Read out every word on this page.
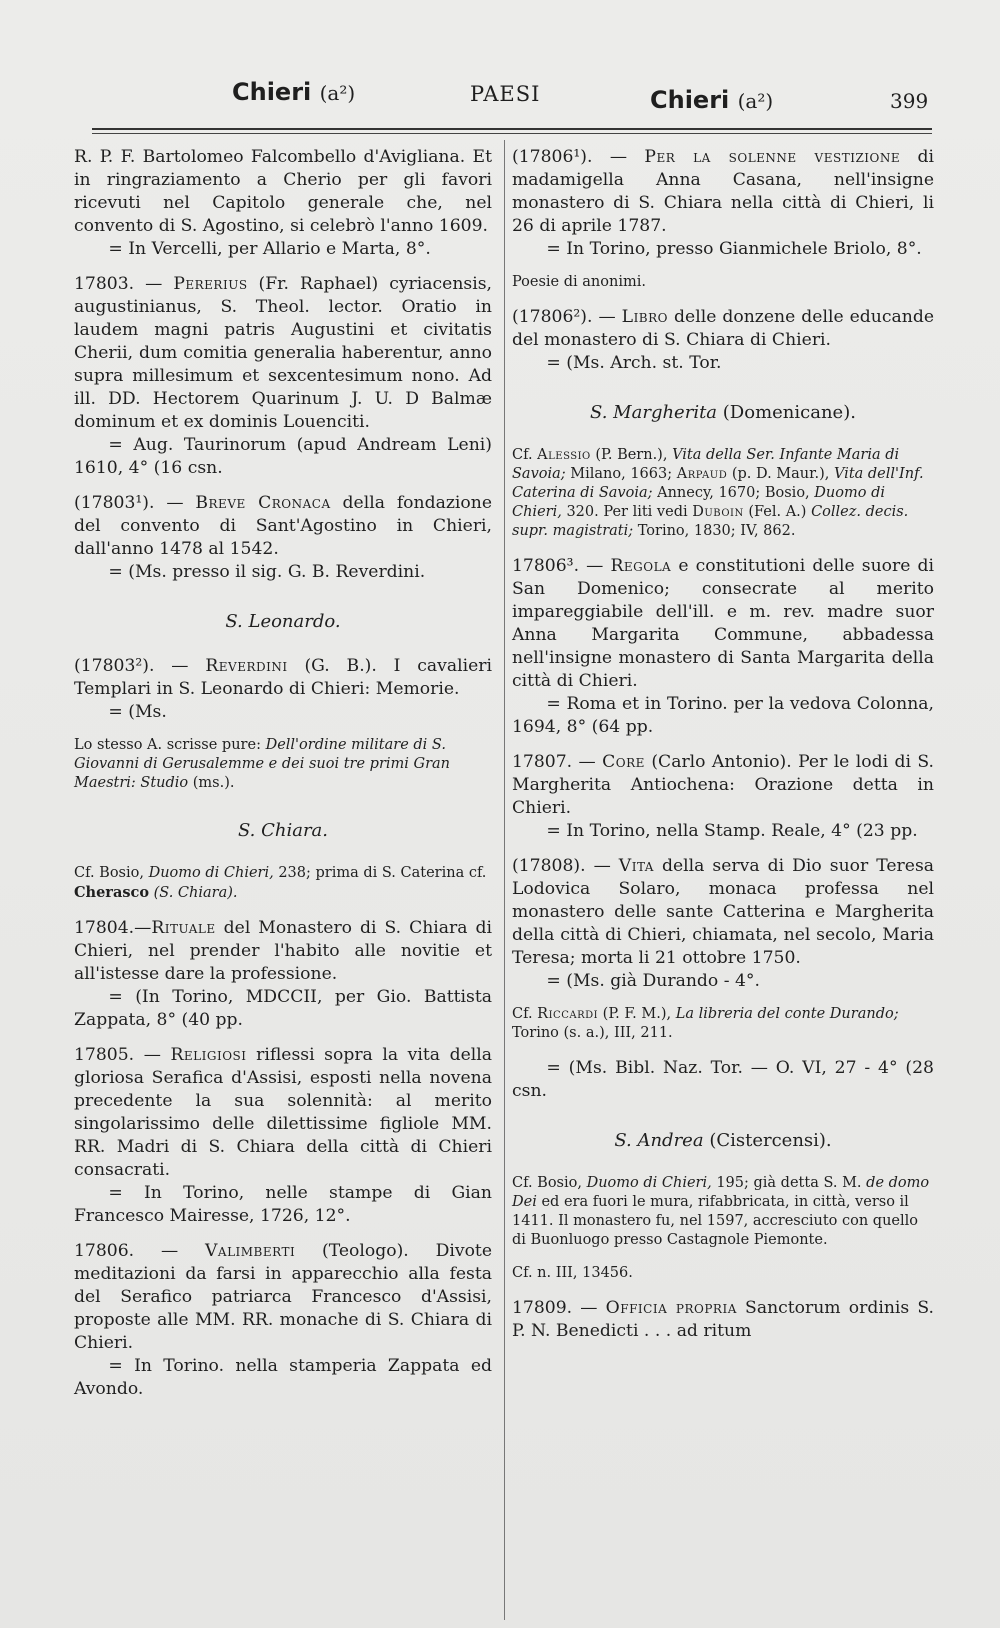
Chieri (a²)	PAESI	Chieri (a²)	399

R. P. F. Bartolomeo Falcombello d'Avigliana. Et in ringraziamento a Cherio per gli favori ricevuti nel Capitolo generale che, nel convento di S. Agostino, si celebrò l'anno 1609.

= In Vercelli, per Allario e Marta, 8°.

17803. — Pererius (Fr. Raphael) cyriacensis, augustinianus, S. Theol. lector. Oratio in laudem magni patris Augustini et civitatis Cherii, dum comitia generalia haberentur, anno supra millesimum et sexcentesimum nono. Ad ill. DD. Hectorem Quarinum J. U. D Balmæ dominum et ex dominis Louenciti.

= Aug. Taurinorum (apud Andream Leni) 1610, 4° (16 csn.

(17803¹). — Breve Cronaca della fondazione del convento di Sant'Agostino in Chieri, dall'anno 1478 al 1542.

= (Ms. presso il sig. G. B. Reverdini.

S. Leonardo.

(17803²). — Reverdini (G. B.). I cavalieri Templari in S. Leonardo di Chieri: Memorie.

= (Ms.

Lo stesso A. scrisse pure: Dell'ordine militare di S. Giovanni di Gerusalemme e dei suoi tre primi Gran Maestri: Studio (ms.).
S. Chiara.
Cf. Bosio, Duomo di Chieri, 238; prima di S. Caterina cf. Cherasco (S. Chiara).

17804.—Rituale del Monastero di S. Chiara di Chieri, nel prender l'habito alle novitie et all'istesse dare la professione.

= (In Torino, MDCCII, per Gio. Battista Zappata, 8° (40 pp.

17805. — Religiosi riflessi sopra la vita della gloriosa Serafica d'Assisi, esposti nella novena precedente la sua solennità: al merito singolarissimo delle dilettissime figliole MM. RR. Madri di S. Chiara della città di Chieri consacrati.

= In Torino, nelle stampe di Gian Francesco Mairesse, 1726, 12°.

17806. — Valimberti (Teologo). Divote meditazioni da farsi in apparecchio alla festa del Serafico patriarca Francesco d'Assisi, proposte alle MM. RR. monache di S. Chiara di Chieri.

= In Torino. nella stamperia Zappata ed Avondo.

(17806¹). — Per la solenne vestizione di madamigella Anna Casana, nell'insigne monastero di S. Chiara nella città di Chieri, li 26 di aprile 1787.

= In Torino, presso Gianmichele Briolo, 8°.

Poesie di anonimi.

(17806²). — Libro delle donzene delle educande del monastero di S. Chiara di Chieri.

= (Ms. Arch. st. Tor.

S. Margherita (Domenicane).
Cf. Alessio (P. Bern.), Vita della Ser. Infante Maria di Savoia; Milano, 1663; Arpaud (p. D. Maur.), Vita dell'Inf. Caterina di Savoia; Annecy, 1670; Bosio, Duomo di Chieri, 320. Per liti vedi Duboin (Fel. A.) Collez. decis. supr. magistrati; Torino, 1830; IV, 862.

17806³. — Regola e constitutioni delle suore di San Domenico; consecrate al merito impareggiabile dell'ill. e m. rev. madre suor Anna Margarita Commune, abbadessa nell'insigne monastero di Santa Margarita della città di Chieri.

= Roma et in Torino. per la vedova Colonna, 1694, 8° (64 pp.

17807. — Core (Carlo Antonio). Per le lodi di S. Margherita Antiochena: Orazione detta in Chieri.

= In Torino, nella Stamp. Reale, 4° (23 pp.

(17808). — Vita della serva di Dio suor Teresa Lodovica Solaro, monaca professa nel monastero delle sante Catterina e Margherita della città di Chieri, chiamata, nel secolo, Maria Teresa; morta li 21 ottobre 1750.

= (Ms. già Durando - 4°.

Cf. Riccardi (P. F. M.), La libreria del conte Durando; Torino (s. a.), III, 211.

= (Ms. Bibl. Naz. Tor. — O. VI, 27 - 4° (28 csn.

S. Andrea (Cistercensi).
Cf. Bosio, Duomo di Chieri, 195; già detta S. M. de domo Dei ed era fuori le mura, rifabbricata, in città, verso il 1411. Il monastero fu, nel 1597, accresciuto con quello di Buonluogo presso Castagnole Piemonte.
Cf. n. III, 13456.

17809. — Officia propria Sanctorum ordinis S. P. N. Benedicti . . . ad ritum
